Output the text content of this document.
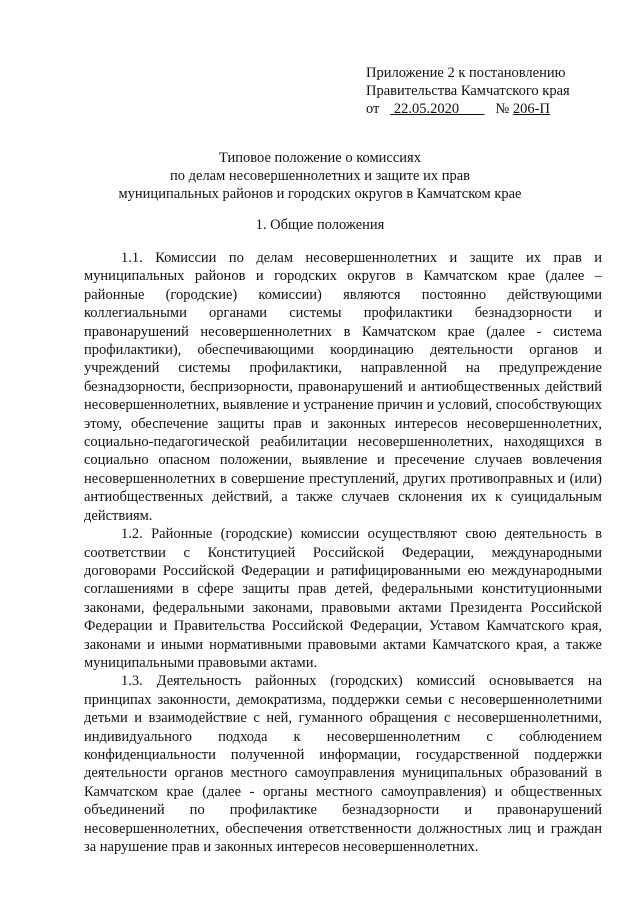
Приложение 2 к постановлению
Правительства Камчатского края
от 22.05.2020	№ 206-П
Типовое положение о комиссиях
по делам несовершеннолетних и защите их прав
муниципальных районов и городских округов в Камчатском крае
1. Общие положения

1.1. Комиссии по делам несовершеннолетних и защите их прав и муниципальных районов и городских округов в Камчатском крае (далее – районные (городские) комиссии) являются постоянно действующими коллегиальными органами системы профилактики безнадзорности и правонарушений несовершеннолетних в Камчатском крае (далее - система профилактики), обеспечивающими координацию деятельности органов и учреждений системы профилактики, направленной на предупреждение безнадзорности, беспризорности, правонарушений и антиобщественных действий несовершеннолетних, выявление и устранение причин и условий, способствующих этому, обеспечение защиты прав и законных интересов несовершеннолетних, социально-педагогической реабилитации несовершеннолетних, находящихся в социально опасном положении, выявление и пресечение случаев вовлечения несовершеннолетних в совершение преступлений, других противоправных и (или) антиобщественных действий, а также случаев склонения их к суицидальным действиям.

1.2. Районные (городские) комиссии осуществляют свою деятельность в соответствии с Конституцией Российской Федерации, международными договорами Российской Федерации и ратифицированными ею международными соглашениями в сфере защиты прав детей, федеральными конституционными законами, федеральными законами, правовыми актами Президента Российской Федерации и Правительства Российской Федерации, Уставом Камчатского края, законами и иными нормативными правовыми актами Камчатского края, а также муниципальными правовыми актами.

1.3. Деятельность районных (городских) комиссий основывается на принципах законности, демократизма, поддержки семьи с несовершеннолетними детьми и взаимодействие с ней, гуманного обращения с несовершеннолетними, индивидуального подхода к несовершеннолетним с соблюдением конфиденциальности полученной информации, государственной поддержки деятельности органов местного самоуправления муниципальных образований в Камчатском крае (далее - органы местного самоуправления) и общественных объединений по профилактике безнадзорности и правонарушений несовершеннолетних, обеспечения ответственности должностных лиц и граждан за нарушение прав и законных интересов несовершеннолетних.
